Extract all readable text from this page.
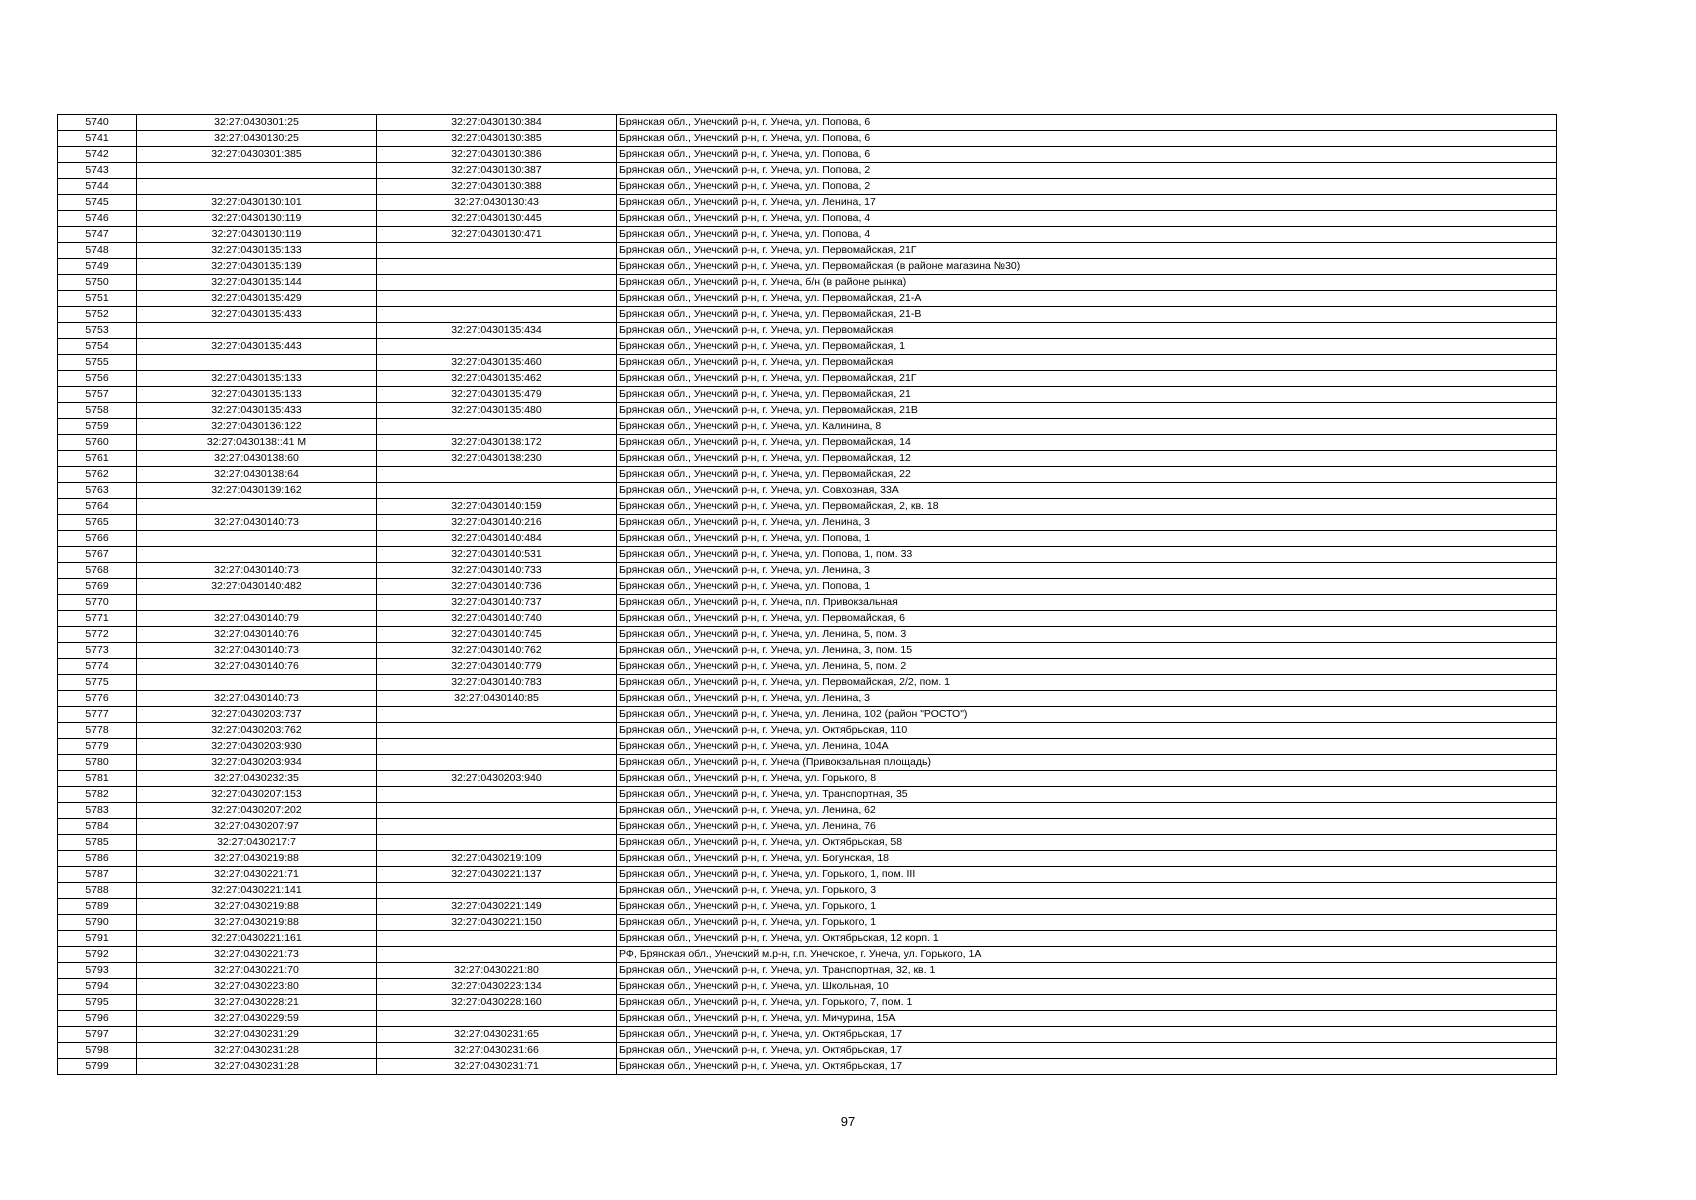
5740	32:27:0430301:25	32:27:0430130:384	Брянская обл., Унечский р-н, г. Унеча, ул. Попова, 6
5741	32:27:0430130:25	32:27:0430130:385	Брянская обл., Унечский р-н, г. Унеча, ул. Попова, 6
5742	32:27:0430301:385	32:27:0430130:386	Брянская обл., Унечский р-н, г. Унеча, ул. Попова, 6
5743		32:27:0430130:387	Брянская обл., Унечский р-н, г. Унеча, ул. Попова, 2
5744		32:27:0430130:388	Брянская обл., Унечский р-н, г. Унеча, ул. Попова, 2
5745	32:27:0430130:101	32:27:0430130:43	Брянская обл., Унечский р-н, г. Унеча, ул. Ленина, 17
5746	32:27:0430130:119	32:27:0430130:445	Брянская обл., Унечский р-н, г. Унеча, ул. Попова, 4
5747	32:27:0430130:119	32:27:0430130:471	Брянская обл., Унечский р-н, г. Унеча, ул. Попова, 4
5748	32:27:0430135:133		Брянская обл., Унечский р-н, г. Унеча, ул. Первомайская, 21Г
5749	32:27:0430135:139		Брянская обл., Унечский р-н, г. Унеча, ул. Первомайская (в районе магазина №30)
5750	32:27:0430135:144		Брянская обл., Унечский р-н, г. Унеча, б/н (в районе рынка)
5751	32:27:0430135:429		Брянская обл., Унечский р-н, г. Унеча, ул. Первомайская, 21-А
5752	32:27:0430135:433		Брянская обл., Унечский р-н, г. Унеча, ул. Первомайская, 21-В
5753		32:27:0430135:434	Брянская обл., Унечский р-н, г. Унеча, ул. Первомайская
5754	32:27:0430135:443		Брянская обл., Унечский р-н, г. Унеча, ул. Первомайская, 1
5755		32:27:0430135:460	Брянская обл., Унечский р-н, г. Унеча, ул. Первомайская
5756	32:27:0430135:133	32:27:0430135:462	Брянская обл., Унечский р-н, г. Унеча, ул. Первомайская, 21Г
5757	32:27:0430135:133	32:27:0430135:479	Брянская обл., Унечский р-н, г. Унеча, ул. Первомайская, 21
5758	32:27:0430135:433	32:27:0430135:480	Брянская обл., Унечский р-н, г. Унеча, ул. Первомайская, 21В
5759	32:27:0430136:122		Брянская обл., Унечский р-н, г. Унеча, ул. Калинина, 8
5760	32:27:0430138::41 М	32:27:0430138:172	Брянская обл., Унечский р-н, г. Унеча, ул. Первомайская, 14
5761	32:27:0430138:60	32:27:0430138:230	Брянская обл., Унечский р-н, г. Унеча, ул. Первомайская, 12
5762	32:27:0430138:64		Брянская обл., Унечский р-н, г. Унеча, ул. Первомайская, 22
5763	32:27:0430139:162		Брянская обл., Унечский р-н, г. Унеча, ул. Совхозная, 33А
5764		32:27:0430140:159	Брянская обл., Унечский р-н, г. Унеча, ул. Первомайская, 2, кв. 18
5765	32:27:0430140:73	32:27:0430140:216	Брянская обл., Унечский р-н, г. Унеча, ул. Ленина, 3
5766		32:27:0430140:484	Брянская обл., Унечский р-н, г. Унеча, ул. Попова, 1
5767		32:27:0430140:531	Брянская обл., Унечский р-н, г. Унеча, ул. Попова, 1, пом. 33
5768	32:27:0430140:73	32:27:0430140:733	Брянская обл., Унечский р-н, г. Унеча, ул. Ленина, 3
5769	32:27:0430140:482	32:27:0430140:736	Брянская обл., Унечский р-н, г. Унеча, ул. Попова, 1
5770		32:27:0430140:737	Брянская обл., Унечский р-н, г. Унеча, пл. Привокзальная
5771	32:27:0430140:79	32:27:0430140:740	Брянская обл., Унечский р-н, г. Унеча, ул. Первомайская, 6
5772	32:27:0430140:76	32:27:0430140:745	Брянская обл., Унечский р-н, г. Унеча, ул. Ленина, 5, пом. 3
5773	32:27:0430140:73	32:27:0430140:762	Брянская обл., Унечский р-н, г. Унеча, ул. Ленина, 3, пом. 15
5774	32:27:0430140:76	32:27:0430140:779	Брянская обл., Унечский р-н, г. Унеча, ул. Ленина, 5, пом. 2
5775		32:27:0430140:783	Брянская обл., Унечский р-н, г. Унеча, ул. Первомайская, 2/2, пом. 1
5776	32:27:0430140:73	32:27:0430140:85	Брянская обл., Унечский р-н, г. Унеча, ул. Ленина, 3
5777	32:27:0430203:737		Брянская обл., Унечский р-н, г. Унеча, ул. Ленина, 102 (район "РОСТО")
5778	32:27:0430203:762		Брянская обл., Унечский р-н, г. Унеча, ул. Октябрьская, 110
5779	32:27:0430203:930		Брянская обл., Унечский р-н, г. Унеча, ул. Ленина, 104А
5780	32:27:0430203:934		Брянская обл., Унечский р-н, г. Унеча (Привокзальная площадь)
5781	32:27:0430232:35	32:27:0430203:940	Брянская обл., Унечский р-н, г. Унеча, ул. Горького, 8
5782	32:27:0430207:153		Брянская обл., Унечский р-н, г. Унеча, ул. Транспортная, 35
5783	32:27:0430207:202		Брянская обл., Унечский р-н, г. Унеча, ул. Ленина, 62
5784	32:27:0430207:97		Брянская обл., Унечский р-н, г. Унеча, ул. Ленина, 76
5785	32:27:0430217:7		Брянская обл., Унечский р-н, г. Унеча, ул. Октябрьская, 58
5786	32:27:0430219:88	32:27:0430219:109	Брянская обл., Унечский р-н, г. Унеча, ул. Богунская, 18
5787	32:27:0430221:71	32:27:0430221:137	Брянская обл., Унечский р-н, г. Унеча, ул. Горького, 1, пом. III
5788	32:27:0430221:141		Брянская обл., Унечский р-н, г. Унеча, ул. Горького, 3
5789	32:27:0430219:88	32:27:0430221:149	Брянская обл., Унечский р-н, г. Унеча, ул. Горького, 1
5790	32:27:0430219:88	32:27:0430221:150	Брянская обл., Унечский р-н, г. Унеча, ул. Горького, 1
5791	32:27:0430221:161		Брянская обл., Унечский р-н, г. Унеча, ул. Октябрьская, 12 корп. 1
5792	32:27:0430221:73		РФ, Брянская обл., Унечский м.р-н, г.п. Унечское, г. Унеча, ул. Горького, 1А
5793	32:27:0430221:70	32:27:0430221:80	Брянская обл., Унечский р-н, г. Унеча, ул. Транспортная, 32, кв. 1
5794	32:27:0430223:80	32:27:0430223:134	Брянская обл., Унечский р-н, г. Унеча, ул. Школьная, 10
5795	32:27:0430228:21	32:27:0430228:160	Брянская обл., Унечский р-н, г. Унеча, ул. Горького, 7, пом. 1
5796	32:27:0430229:59		Брянская обл., Унечский р-н, г. Унеча, ул. Мичурина, 15А
5797	32:27:0430231:29	32:27:0430231:65	Брянская обл., Унечский р-н, г. Унеча, ул. Октябрьская, 17
5798	32:27:0430231:28	32:27:0430231:66	Брянская обл., Унечский р-н, г. Унеча, ул. Октябрьская, 17
5799	32:27:0430231:28	32:27:0430231:71	Брянская обл., Унечский р-н, г. Унеча, ул. Октябрьская, 17
97
